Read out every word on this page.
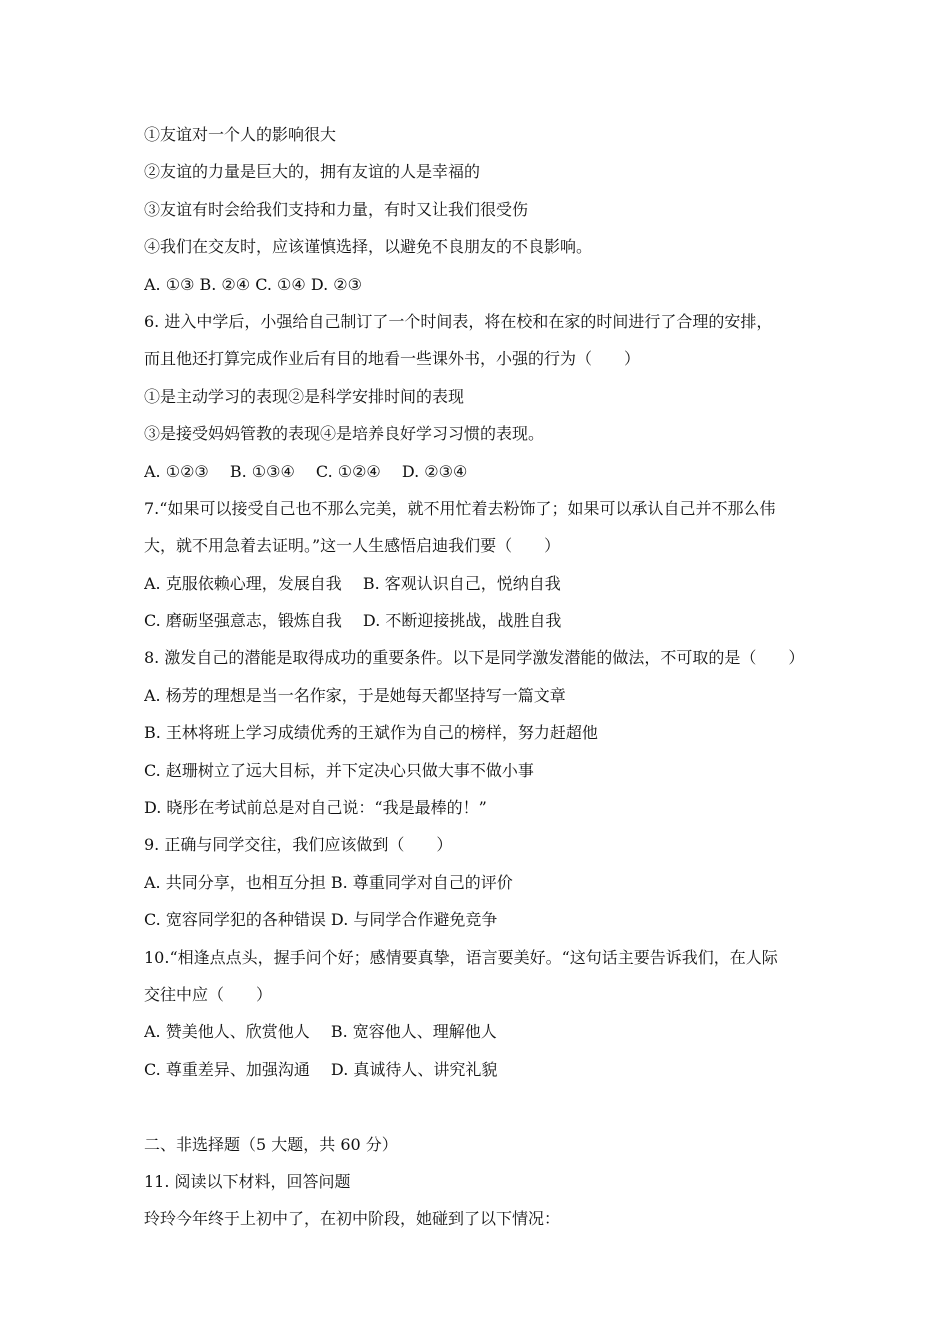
①友谊对一个人的影响很大
②友谊的力量是巨大的，拥有友谊的人是幸福的
③友谊有时会给我们支持和力量，有时又让我们很受伤
④我们在交友时，应该谨慎选择，以避免不良朋友的不良影响。
A. ①③ B. ②④ C. ①④ D. ②③
6. 进入中学后，小强给自己制订了一个时间表，将在校和在家的时间进行了合理的安排，
而且他还打算完成作业后有目的地看一些课外书，小强的行为（　　）
①是主动学习的表现②是科学安排时间的表现
③是接受妈妈管教的表现④是培养良好学习习惯的表现。
A. ①②③　 B. ①③④　 C. ①②④　 D. ②③④
7.“如果可以接受自己也不那么完美，就不用忙着去粉饰了；如果可以承认自己并不那么伟
大，就不用急着去证明。”这一人生感悟启迪我们要（　　）
A. 克服依赖心理，发展自我　 B. 客观认识自己，悦纳自我
C. 磨砺坚强意志，锻炼自我　 D. 不断迎接挑战，战胜自我
8. 激发自己的潜能是取得成功的重要条件。以下是同学激发潜能的做法，不可取的是（　　）
A. 杨芳的理想是当一名作家，于是她每天都坚持写一篇文章
B. 王林将班上学习成绩优秀的王斌作为自己的榜样，努力赶超他
C. 赵珊树立了远大目标，并下定决心只做大事不做小事
D. 晓彤在考试前总是对自己说：“我是最棒的！”
9. 正确与同学交往，我们应该做到（　　）
A. 共同分享，也相互分担 B. 尊重同学对自己的评价
C. 宽容同学犯的各种错误 D. 与同学合作避免竞争
10.“相逢点点头，握手问个好；感情要真挚，语言要美好。“这句话主要告诉我们，在人际
交往中应（　　）
A. 赞美他人、欣赏他人　 B. 宽容他人、理解他人
C. 尊重差异、加强沟通　 D. 真诚待人、讲究礼貌
二、非选择题（5 大题，共 60 分）
11. 阅读以下材料，回答问题
玲玲今年终于上初中了，在初中阶段，她碰到了以下情况：
